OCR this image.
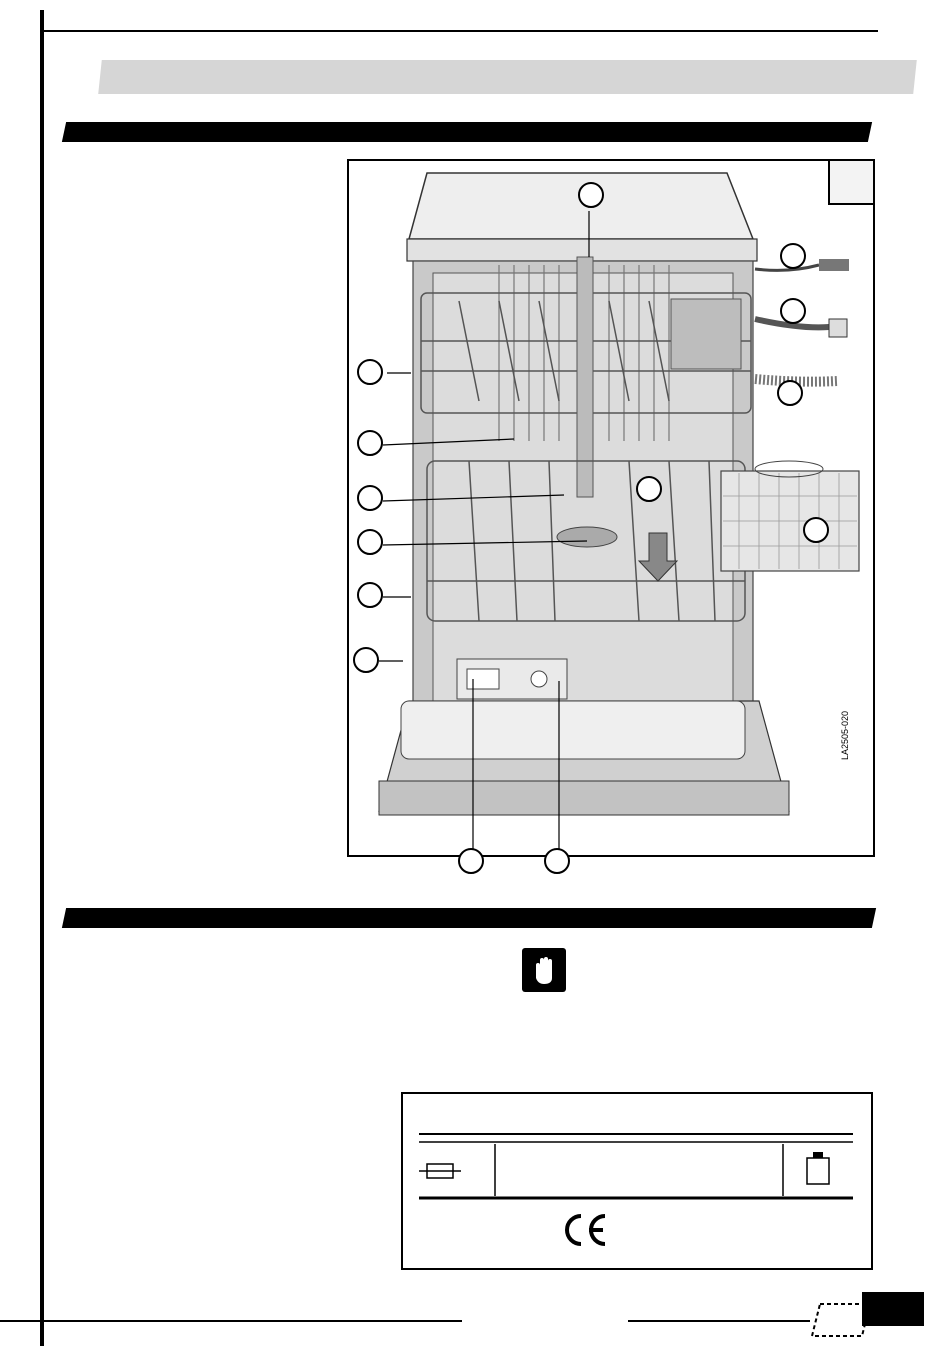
LA2505-020
